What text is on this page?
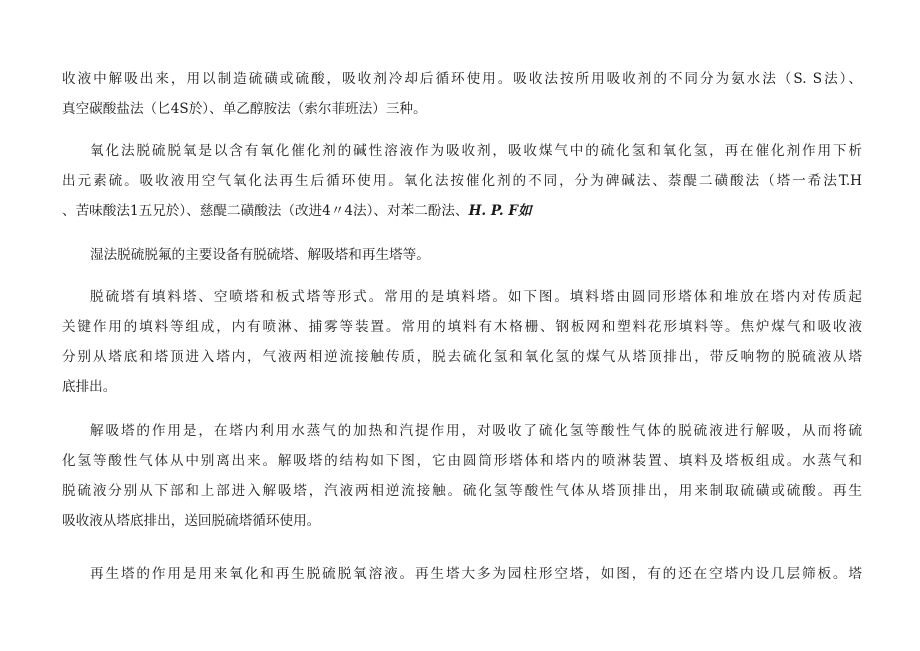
收液中解吸出来，用以制造硫磺或硫酸，吸收剂冷却后循环使用。吸收法按所用吸收剂的不同分为氨水法（S. S法）、
真空碳酸盐法（匕4S於）、单乙醇胺法（索尔菲班法）三种。
氧化法脱硫脱氧是以含有氧化催化剂的碱性溶液作为吸收剂，吸收煤气中的硫化氢和氧化氢，再在催化剂作用下析
出元素硫。吸收液用空气氧化法再生后循环使用。氧化法按催化剂的不同，分为碑碱法、萘醍二磺酸法（塔一希法T.H
、苦味酸法1五兄於）、慈醍二磺酸法（改进4〃4法）、对苯二酚法、H. P. F如
湿法脱硫脱氟的主要设备有脱硫塔、解吸塔和再生塔等。
脱硫塔有填料塔、空喷塔和板式塔等形式。常用的是填料塔。如下图。填料塔由圆同形塔体和堆放在塔内对传质起
关键作用的填料等组成，内有喷淋、捕雾等装置。常用的填料有木格栅、钢板网和塑料花形填料等。焦炉煤气和吸收液
分别从塔底和塔顶进入塔内，气液两相逆流接触传质，脱去硫化氢和氧化氢的煤气从塔顶排出，带反响物的脱硫液从塔
底排出。
解吸塔的作用是，在塔内利用水蒸气的加热和汽提作用，对吸收了硫化氢等酸性气体的脱硫液进行解吸，从而将硫
化氢等酸性气体从中别离出来。解吸塔的结构如下图，它由圆筒形塔体和塔内的喷淋装置、填料及塔板组成。水蒸气和
脱硫液分别从下部和上部进入解吸塔，汽液两相逆流接触。硫化氢等酸性气体从塔顶排出，用来制取硫磺或硫酸。再生
吸收液从塔底排出，送回脱硫塔循环使用。
再生塔的作用是用来氧化和再生脱硫脱氧溶液。再生塔大多为园柱形空塔，如图，有的还在空塔内设几层筛板。塔
